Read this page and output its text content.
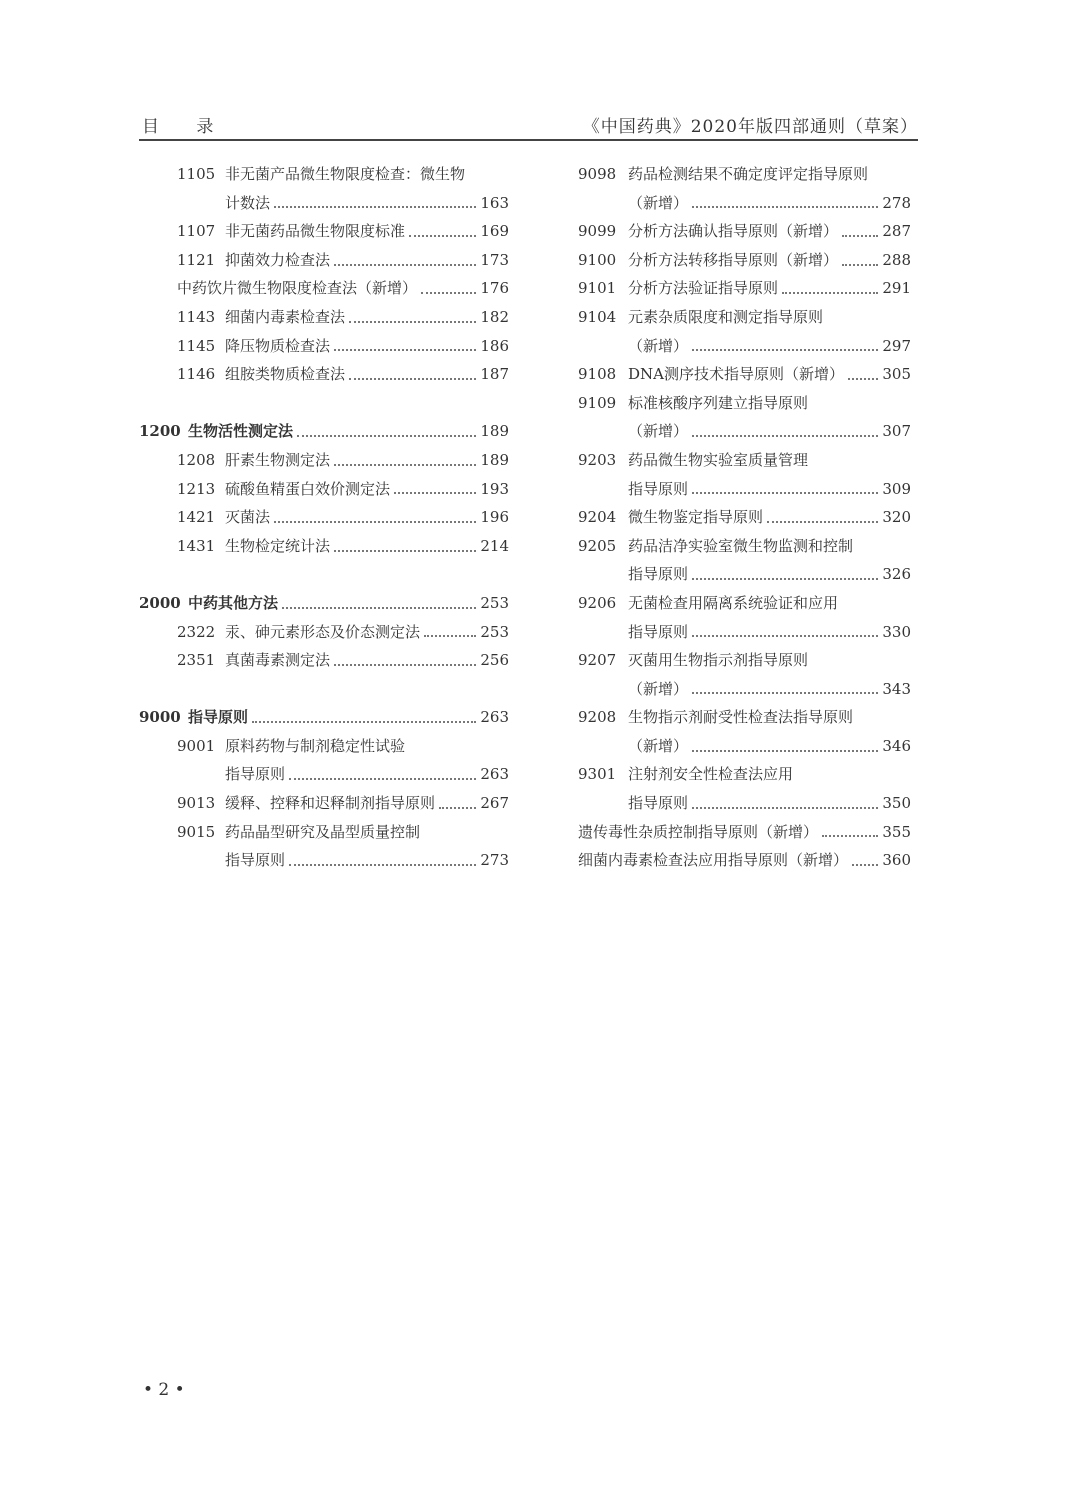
目 录	《中国药典》2020年版四部通则（草案）
1105 非无菌产品微生物限度检查：微生物
计数法	163
1107 非无菌药品微生物限度标准	169
1121 抑菌效力检查法	173
中药饮片微生物限度检查法（新增）	176
1143 细菌内毒素检查法	182
1145 降压物质检查法	186
1146 组胺类物质检查法	187
1200 生物活性测定法	189
1208 肝素生物测定法	189
1213 硫酸鱼精蛋白效价测定法	193
1421 灭菌法	196
1431 生物检定统计法	214
2000 中药其他方法	253
2322 汞、砷元素形态及价态测定法	253
2351 真菌毒素测定法	256
9000 指导原则	263
9001 原料药物与制剂稳定性试验
指导原则	263
9013 缓释、控释和迟释制剂指导原则	267
9015 药品晶型研究及晶型质量控制
指导原则	273
9098 药品检测结果不确定度评定指导原则
（新增）	278
9099 分析方法确认指导原则（新增）	287
9100 分析方法转移指导原则（新增）	288
9101 分析方法验证指导原则	291
9104 元素杂质限度和测定指导原则
（新增）	297
9108 DNA测序技术指导原则（新增）	305
9109 标准核酸序列建立指导原则
（新增）	307
9203 药品微生物实验室质量管理
指导原则	309
9204 微生物鉴定指导原则	320
9205 药品洁净实验室微生物监测和控制
指导原则	326
9206 无菌检查用隔离系统验证和应用
指导原则	330
9207 灭菌用生物指示剂指导原则
（新增）	343
9208 生物指示剂耐受性检查法指导原则
（新增）	346
9301 注射剂安全性检查法应用
指导原则	350
遗传毒性杂质控制指导原则（新增）	355
细菌内毒素检查法应用指导原则（新增） 360
• 2 •
